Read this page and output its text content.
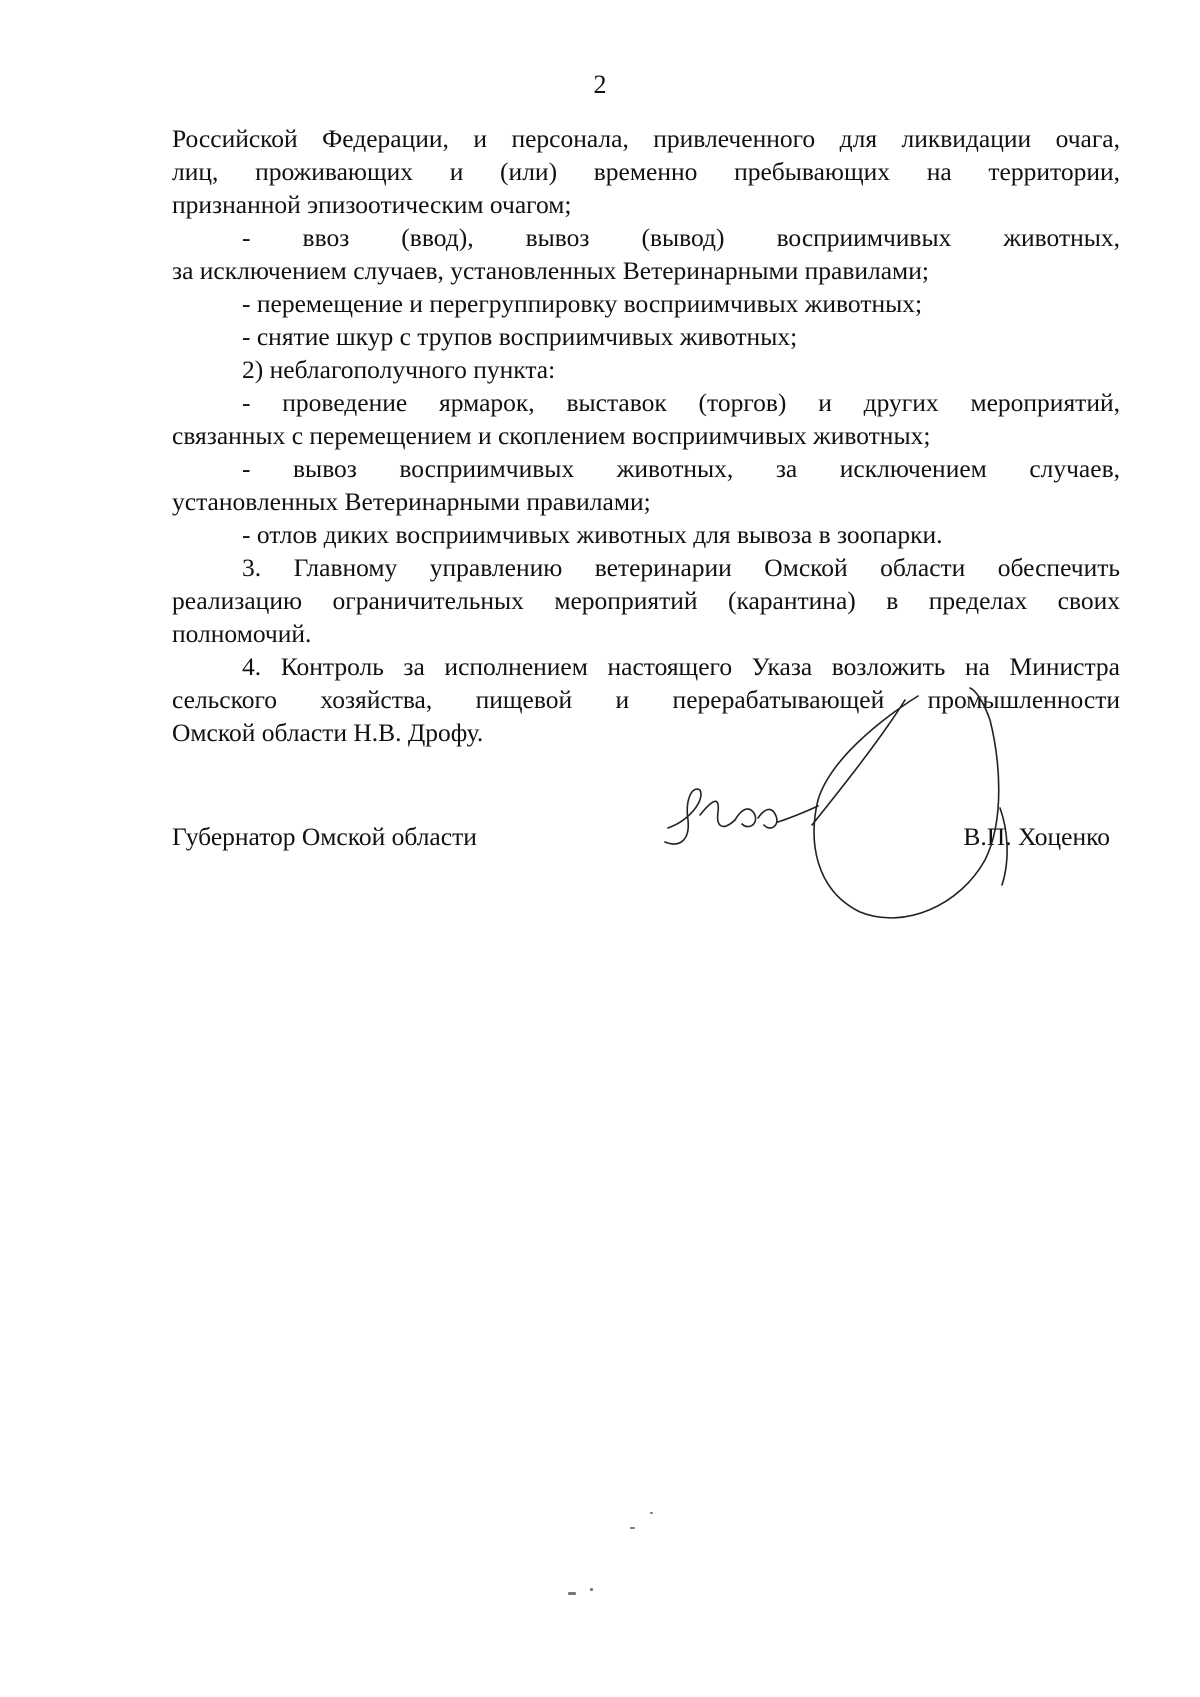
2
Российской Федерации, и персонала, привлеченного для ликвидации очага,
лиц, проживающих и (или) временно пребывающих на территории,
признанной эпизоотическим очагом;
- ввоз (ввод), вывоз (вывод) восприимчивых животных,
за исключением случаев, установленных Ветеринарными правилами;
- перемещение и перегруппировку восприимчивых животных;
- снятие шкур с трупов восприимчивых животных;
2) неблагополучного пункта:
- проведение ярмарок, выставок (торгов) и других мероприятий,
связанных с перемещением и скоплением восприимчивых животных;
- вывоз восприимчивых животных, за исключением случаев,
установленных Ветеринарными правилами;
- отлов диких восприимчивых животных для вывоза в зоопарки.
3. Главному управлению ветеринарии Омской области обеспечить
реализацию ограничительных мероприятий (карантина) в пределах своих
полномочий.
4. Контроль за исполнением настоящего Указа возложить на Министра
сельского хозяйства, пищевой и перерабатывающей промышленности
Омской области Н.В. Дрофу.
Губернатор Омской области	В.П. Хоценко
